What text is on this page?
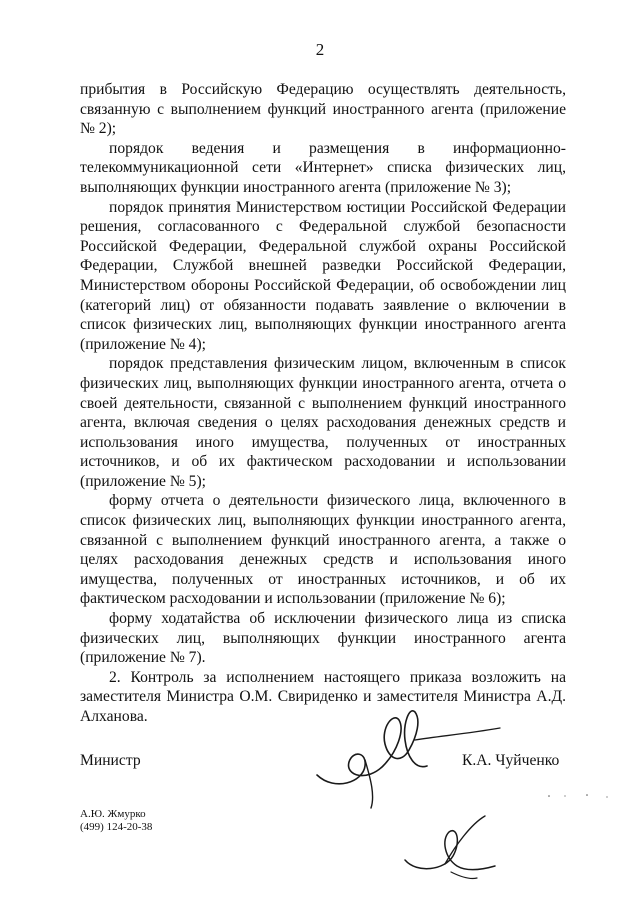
2

прибытия в Российскую Федерацию осуществлять деятельность, связанную с выполнением функций иностранного агента (приложение № 2);

порядок ведения и размещения в информационно-телекоммуникационной сети «Интернет» списка физических лиц, выполняющих функции иностранного агента (приложение № 3);

порядок принятия Министерством юстиции Российской Федерации решения, согласованного с Федеральной службой безопасности Российской Федерации, Федеральной службой охраны Российской Федерации, Службой внешней разведки Российской Федерации, Министерством обороны Российской Федерации, об освобождении лиц (категорий лиц) от обязанности подавать заявление о включении в список физических лиц, выполняющих функции иностранного агента (приложение № 4);

порядок представления физическим лицом, включенным в список физических лиц, выполняющих функции иностранного агента, отчета о своей деятельности, связанной с выполнением функций иностранного агента, включая сведения о целях расходования денежных средств и использования иного имущества, полученных от иностранных источников, и об их фактическом расходовании и использовании (приложение № 5);

форму отчета о деятельности физического лица, включенного в список физических лиц, выполняющих функции иностранного агента, связанной с выполнением функций иностранного агента, а также о целях расходования денежных средств и использования иного имущества, полученных от иностранных источников, и об их фактическом расходовании и использовании (приложение № 6);

форму ходатайства об исключении физического лица из списка физических лиц, выполняющих функции иностранного агента (приложение № 7).

2. Контроль за исполнением настоящего приказа возложить на заместителя Министра О.М. Свириденко и заместителя Министра А.Д. Алханова.

Министр	К.А. Чуйченко
А.Ю. Жмурко
(499) 124-20-38
